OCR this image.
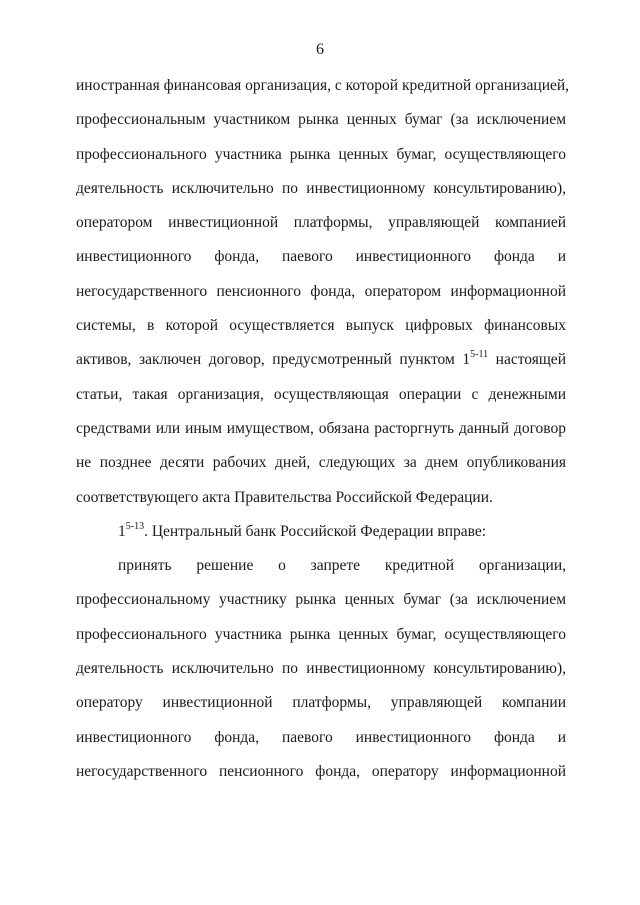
6
иностранная финансовая организация, с которой кредитной организацией,
профессиональным участником рынка ценных бумаг (за исключением
профессионального участника рынка ценных бумаг, осуществляющего
деятельность исключительно по инвестиционному консультированию),
оператором инвестиционной платформы, управляющей компанией
инвестиционного фонда, паевого инвестиционного фонда и
негосударственного пенсионного фонда, оператором информационной
системы, в которой осуществляется выпуск цифровых финансовых
активов, заключен договор, предусмотренный пунктом 1$^{5-11}$ настоящей
статьи, такая организация, осуществляющая операции с денежными
средствами или иным имуществом, обязана расторгнуть данный договор
не позднее десяти рабочих дней, следующих за днем опубликования
соответствующего акта Правительства Российской Федерации.
1$^{5-13}$. Центральный банк Российской Федерации вправе:
принять решение о запрете кредитной организации,
профессиональному участнику рынка ценных бумаг (за исключением
профессионального участника рынка ценных бумаг, осуществляющего
деятельность исключительно по инвестиционному консультированию),
оператору инвестиционной платформы, управляющей компании
инвестиционного фонда, паевого инвестиционного фонда и
негосударственного пенсионного фонда, оператору информационной
